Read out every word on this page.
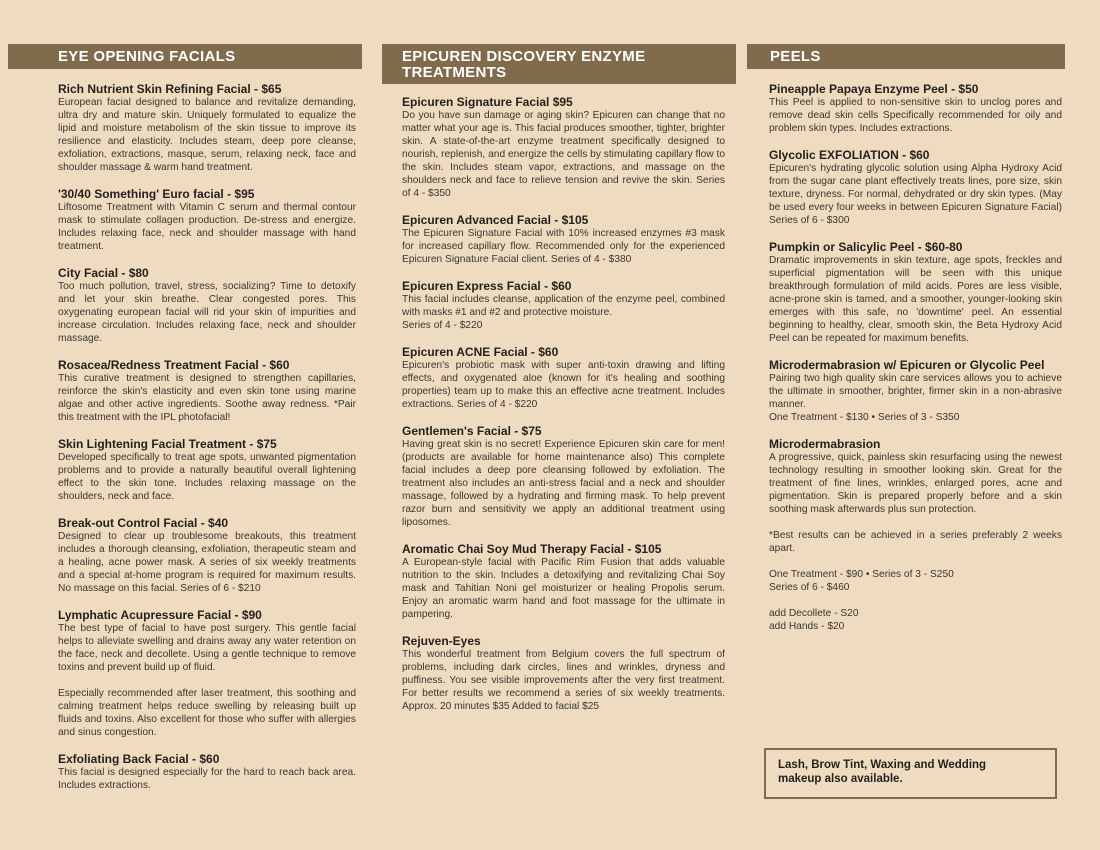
EYE OPENING FACIALS	EPICUREN DISCOVERY ENZYME
TREATMENTS
PEELS
Rich Nutrient Skin Refining Facial - $65

European facial designed to balance and revitalize demanding, ultra dry and mature skin. Uniquely formulated to equalize the lipid and moisture metabolism of the skin tissue to improve its resilience and elasticity. Includes steam, deep pore cleanse, exfoliation, extractions, masque, serum, relaxing neck, face and shoulder massage & warm hand treatment.

'30/40 Something' Euro facial - $95

Liftosome Treatment with Vitamin C serum and thermal contour mask to stimulate collagen production. De-stress and energize. Includes relaxing face, neck and shoulder massage with hand treatment.

City Facial - $80

Too much pollution, travel, stress, socializing? Time to detoxify and let your skin breathe. Clear congested pores. This oxygenating european facial will rid your skin of impurities and increase circulation. Includes relaxing face, neck and shoulder massage.

Rosacea/Redness Treatment Facial - $60

This curative treatment is designed to strengthen capillaries, reinforce the skin's elasticity and even skin tone using marine algae and other active ingredients. Soothe away redness. *Pair this treatment with the IPL photofacial!

Skin Lightening Facial Treatment - $75

Developed specifically to treat age spots, unwanted pigmentation problems and to provide a naturally beautiful overall lightening effect to the skin tone. Includes relaxing massage on the shoulders, neck and face.

Break-out Control Facial - $40

Designed to clear up troublesome breakouts, this treatment includes a thorough cleansing, exfoliation, therapeutic steam and a healing, acne power mask. A series of six weekly treatments and a special at-home program is required for maximum results. No massage on this facial. Series of 6 - $210

Lymphatic Acupressure Facial - $90

The best type of facial to have post surgery. This gentle facial helps to alleviate swelling and drains away any water retention on the face, neck and decollete. Using a gentle technique to remove toxins and prevent build up of fluid.

Especially recommended after laser treatment, this soothing and calming treatment helps reduce swelling by releasing built up fluids and toxins. Also excellent for those who suffer with allergies and sinus congestion.

Exfoliating Back Facial - $60

This facial is designed especially for the hard to reach back area. Includes extractions.

Epicuren Signature Facial $95

Do you have sun damage or aging skin? Epicuren can change that no matter what your age is. This facial produces smoother, tighter, brighter skin. A state-of-the-art enzyme treatment specifically designed to nourish, replenish, and energize the cells by stimulating capillary flow to the skin. Includes steam vapor, extractions, and massage on the shoulders neck and face to relieve tension and revive the skin. Series of 4 - $350

Epicuren Advanced Facial - $105

The Epicuren Signature Facial with 10% increased enzymes #3 mask for increased capillary flow. Recommended only for the experienced Epicuren Signature Facial client. Series of 4 - $380

Epicuren Express Facial - $60

This facial includes cleanse, application of the enzyme peel, combined with masks #1 and #2 and protective moisture.

Series of 4 - $220

Epicuren ACNE Facial - $60

Epicuren's probiotic mask with super anti-toxin drawing and lifting effects, and oxygenated aloe (known for it's healing and soothing properties) team up to make this an effective acne treatment. Includes extractions. Series of 4 - $220

Gentlemen's Facial - $75

Having great skin is no secret! Experience Epicuren skin care for men! (products are available for home maintenance also) This complete facial includes a deep pore cleansing followed by exfoliation. The treatment also includes an anti-stress facial and a neck and shoulder massage, followed by a hydrating and firming mask. To help prevent razor burn and sensitivity we apply an additional treatment using liposomes.

Aromatic Chai Soy Mud Therapy Facial - $105

A European-style facial with Pacific Rim Fusion that adds valuable nutrition to the skin. Includes a detoxifying and revitalizing Chai Soy mask and Tahitian Noni gel moisturizer or healing Propolis serum. Enjoy an aromatic warm hand and foot massage for the ultimate in pampering.

Rejuven-Eyes

This wonderful treatment from Belgium covers the full spectrum of problems, including dark circles, lines and wrinkles, dryness and puffiness. You see visible improvements after the very first treatment. For better results we recommend a series of six weekly treatments. Approx. 20 minutes $35 Added to facial $25

Pineapple Papaya Enzyme Peel - $50

This Peel is applied to non-sensitive skin to unclog pores and remove dead skin cells Specifically recommended for oily and problem skin types. Includes extractions.

Glycolic EXFOLIATION - $60

Epicuren's hydrating glycolic solution using Alpha Hydroxy Acid from the sugar cane plant effectively treats lines, pore size, skin texture, dryness. For normal, dehydrated or dry skin types. (May be used every four weeks in between Epicuren Signature Facial) Series of 6 - $300

Pumpkin or Salicylic Peel - $60-80

Dramatic improvements in skin texture, age spots, freckles and superficial pigmentation will be seen with this unique breakthrough formulation of mild acids. Pores are less visible, acne-prone skin is tamed, and a smoother, younger-looking skin emerges with this safe, no 'downtime' peel. An essential beginning to healthy, clear, smooth skin, the Beta Hydroxy Acid Peel can be repeated for maximum benefits.

Microdermabrasion w/ Epicuren or Glycolic Peel

Pairing two high quality skin care services allows you to achieve the ultimate in smoother, brighter, firmer skin in a non-abrasive manner.

One Treatment - $130 • Series of 3 - S350

Microdermabrasion

A progressive, quick, painless skin resurfacing using the newest technology resulting in smoother looking skin. Great for the treatment of fine lines, wrinkles, enlarged pores, acne and pigmentation. Skin is prepared properly before and a skin soothing mask afterwards plus sun protection.

*Best results can be achieved in a series preferably 2 weeks apart.

One Treatment - $90 • Series of 3 - S250

Series of 6 - $460

add Decollete - S20

add Hands - $20

Lash, Brow Tint, Waxing and Wedding
makeup also available.
